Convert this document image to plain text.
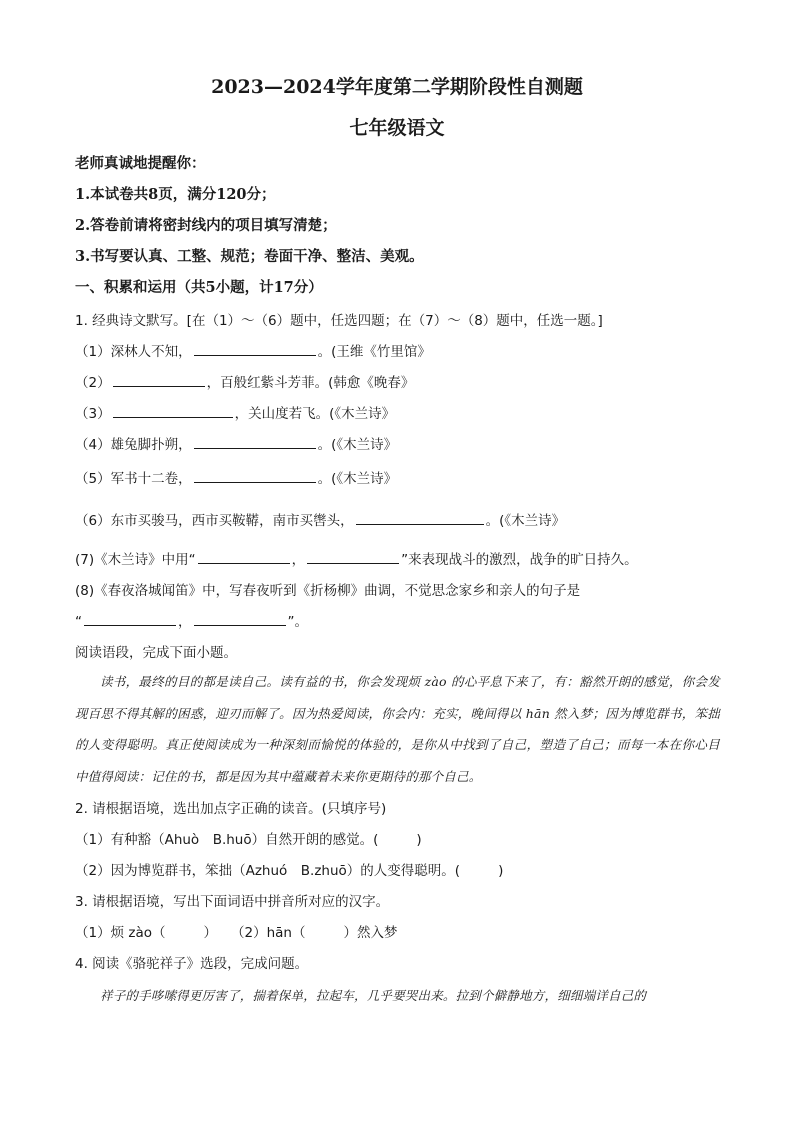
2023—2024学年度第二学期阶段性自测题
七年级语文
老师真诚地提醒你：
1.本试卷共8页，满分120分；
2.答卷前请将密封线内的项目填写清楚；
3.书写要认真、工整、规范；卷面干净、整洁、美观。
一、积累和运用（共5小题，计17分）
1. 经典诗文默写。[在（1）～（6）题中，任选四题；在（7）～（8）题中，任选一题。]
（1）深林人不知，	。(王维《竹里馆》
（2）	，百般红紫斗芳菲。(韩愈《晚春》
（3）	，关山度若飞。(《木兰诗》
（4）雄兔脚扑朔，	。(《木兰诗》
（5）军书十二卷，	。(《木兰诗》
（6）东市买骏马，西市买鞍鞯，南市买辔头，	。(《木兰诗》
(7)《木兰诗》中用“	，	”来表现战斗的激烈，战争的旷日持久。
(8)《春夜洛城闻笛》中，写春夜听到《折杨柳》曲调，不觉思念家乡和亲人的句子是
“	，	”。
阅读语段，完成下面小题。
读书，最终的目的都是读自己。读有益的书，你会发现烦 zào 的心平息下来了，有：豁然开朗的感觉，你会发现百思不得其解的困惑，迎刃而解了。因为热爱阅读，你会内：充实，晚间得以 hān 然入梦；因为博览群书，笨拙的人变得聪明。真正使阅读成为一种深刻而愉悦的体验的，是你从中找到了自己，塑造了自己；而每一本在你心目中值得阅读：记住的书，都是因为其中蕴藏着未来你更期待的那个自己。
2. 请根据语境，选出加点字正确的读音。(只填序号)
（1）有种豁（Ahuò　B.huō）自然开朗的感觉。(	)
（2）因为博览群书，笨拙（Azhuó　B.zhuō）的人变得聪明。(	)
3. 请根据语境，写出下面词语中拼音所对应的汉字。
（1）烦 zào（	） （2）hān（	）然入梦
4. 阅读《骆驼祥子》选段，完成问题。
祥子的手哆嗦得更厉害了，揣着保单，拉起车，几乎要哭出来。拉到个僻静地方，细细端详自己的
